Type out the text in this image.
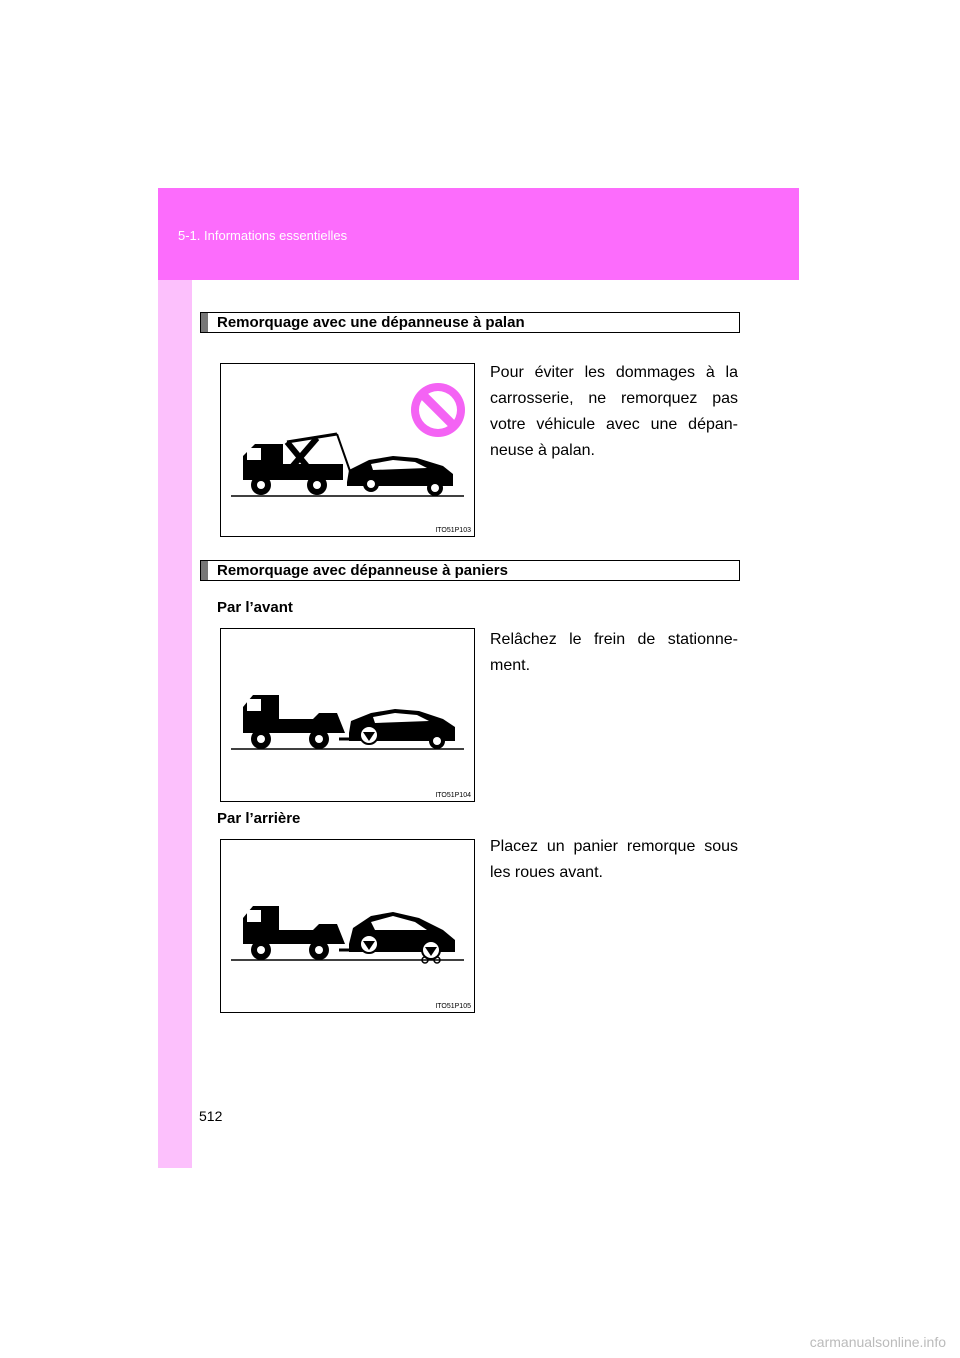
5-1. Informations essentielles
Remorquage avec une dépanneuse à palan
ITO51P103

Pour éviter les dommages à la carrosserie, ne remorquez pas votre véhicule avec une dépan-neuse à palan.

Remorquage avec dépanneuse à paniers
Par l’avant

Relâchez le frein de stationne-ment.

ITO51P104
Par l’arrière

Placez un panier remorque sous les roues avant.

ITO51P105
512
carmanualsonline.info
